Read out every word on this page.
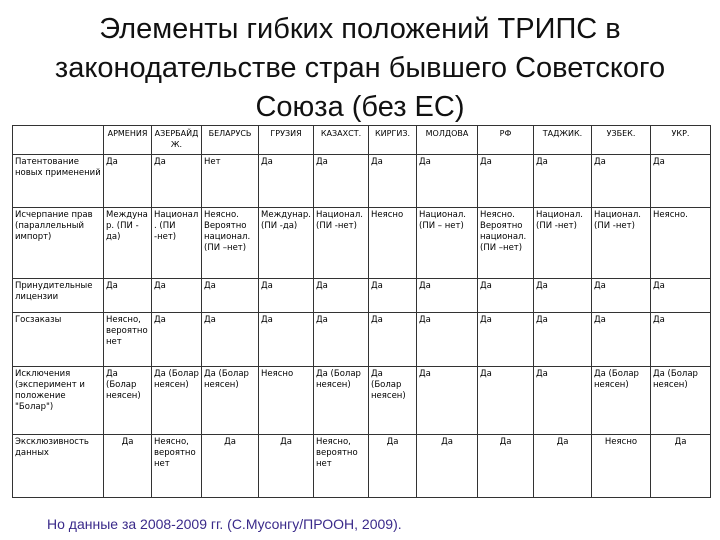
Элементы гибких положений ТРИПС в законодательстве стран бывшего Советского Союза (без ЕС)
	АРМЕНИЯ	АЗЕРБАЙДЖ.	БЕЛАРУСЬ	ГРУЗИЯ	КАЗАХСТ.	КИРГИЗ.	МОЛДОВА	РФ	ТАДЖИК.	УЗБЕК.	УКР.
Патентование новых применений	Да	Да	Нет	Да	Да	Да	Да	Да	Да	Да	Да
Исчерпание прав (параллельный импорт)	Междунар. (ПИ - да)	Национал. (ПИ -нет)	Неясно. Вероятно национал. (ПИ –нет)	Междунар. (ПИ -да)	Национал. (ПИ -нет)	Неясно	Национал. (ПИ – нет)	Неясно. Вероятно национал. (ПИ –нет)	Национал. (ПИ -нет)	Национал. (ПИ -нет)	Неясно.
Принудительные лицензии	Да	Да	Да	Да	Да	Да	Да	Да	Да	Да	Да
Госзаказы	Неясно, вероятно нет	Да	Да	Да	Да	Да	Да	Да	Да	Да	Да
Исключения (эксперимент и положение "Болар")	Да (Болар неясен)	Да (Болар неясен)	Да (Болар неясен)	Неясно	Да (Болар неясен)	Да (Болар неясен)	Да	Да	Да	Да (Болар неясен)	Да (Болар неясен)
Эксклюзивность данных	Да	Неясно, вероятно нет	Да	Да	Неясно, вероятно нет	Да	Да	Да	Да	Неясно	Да
Но данные за 2008-2009 гг. (С.Мусонгу/ПРООН, 2009).
